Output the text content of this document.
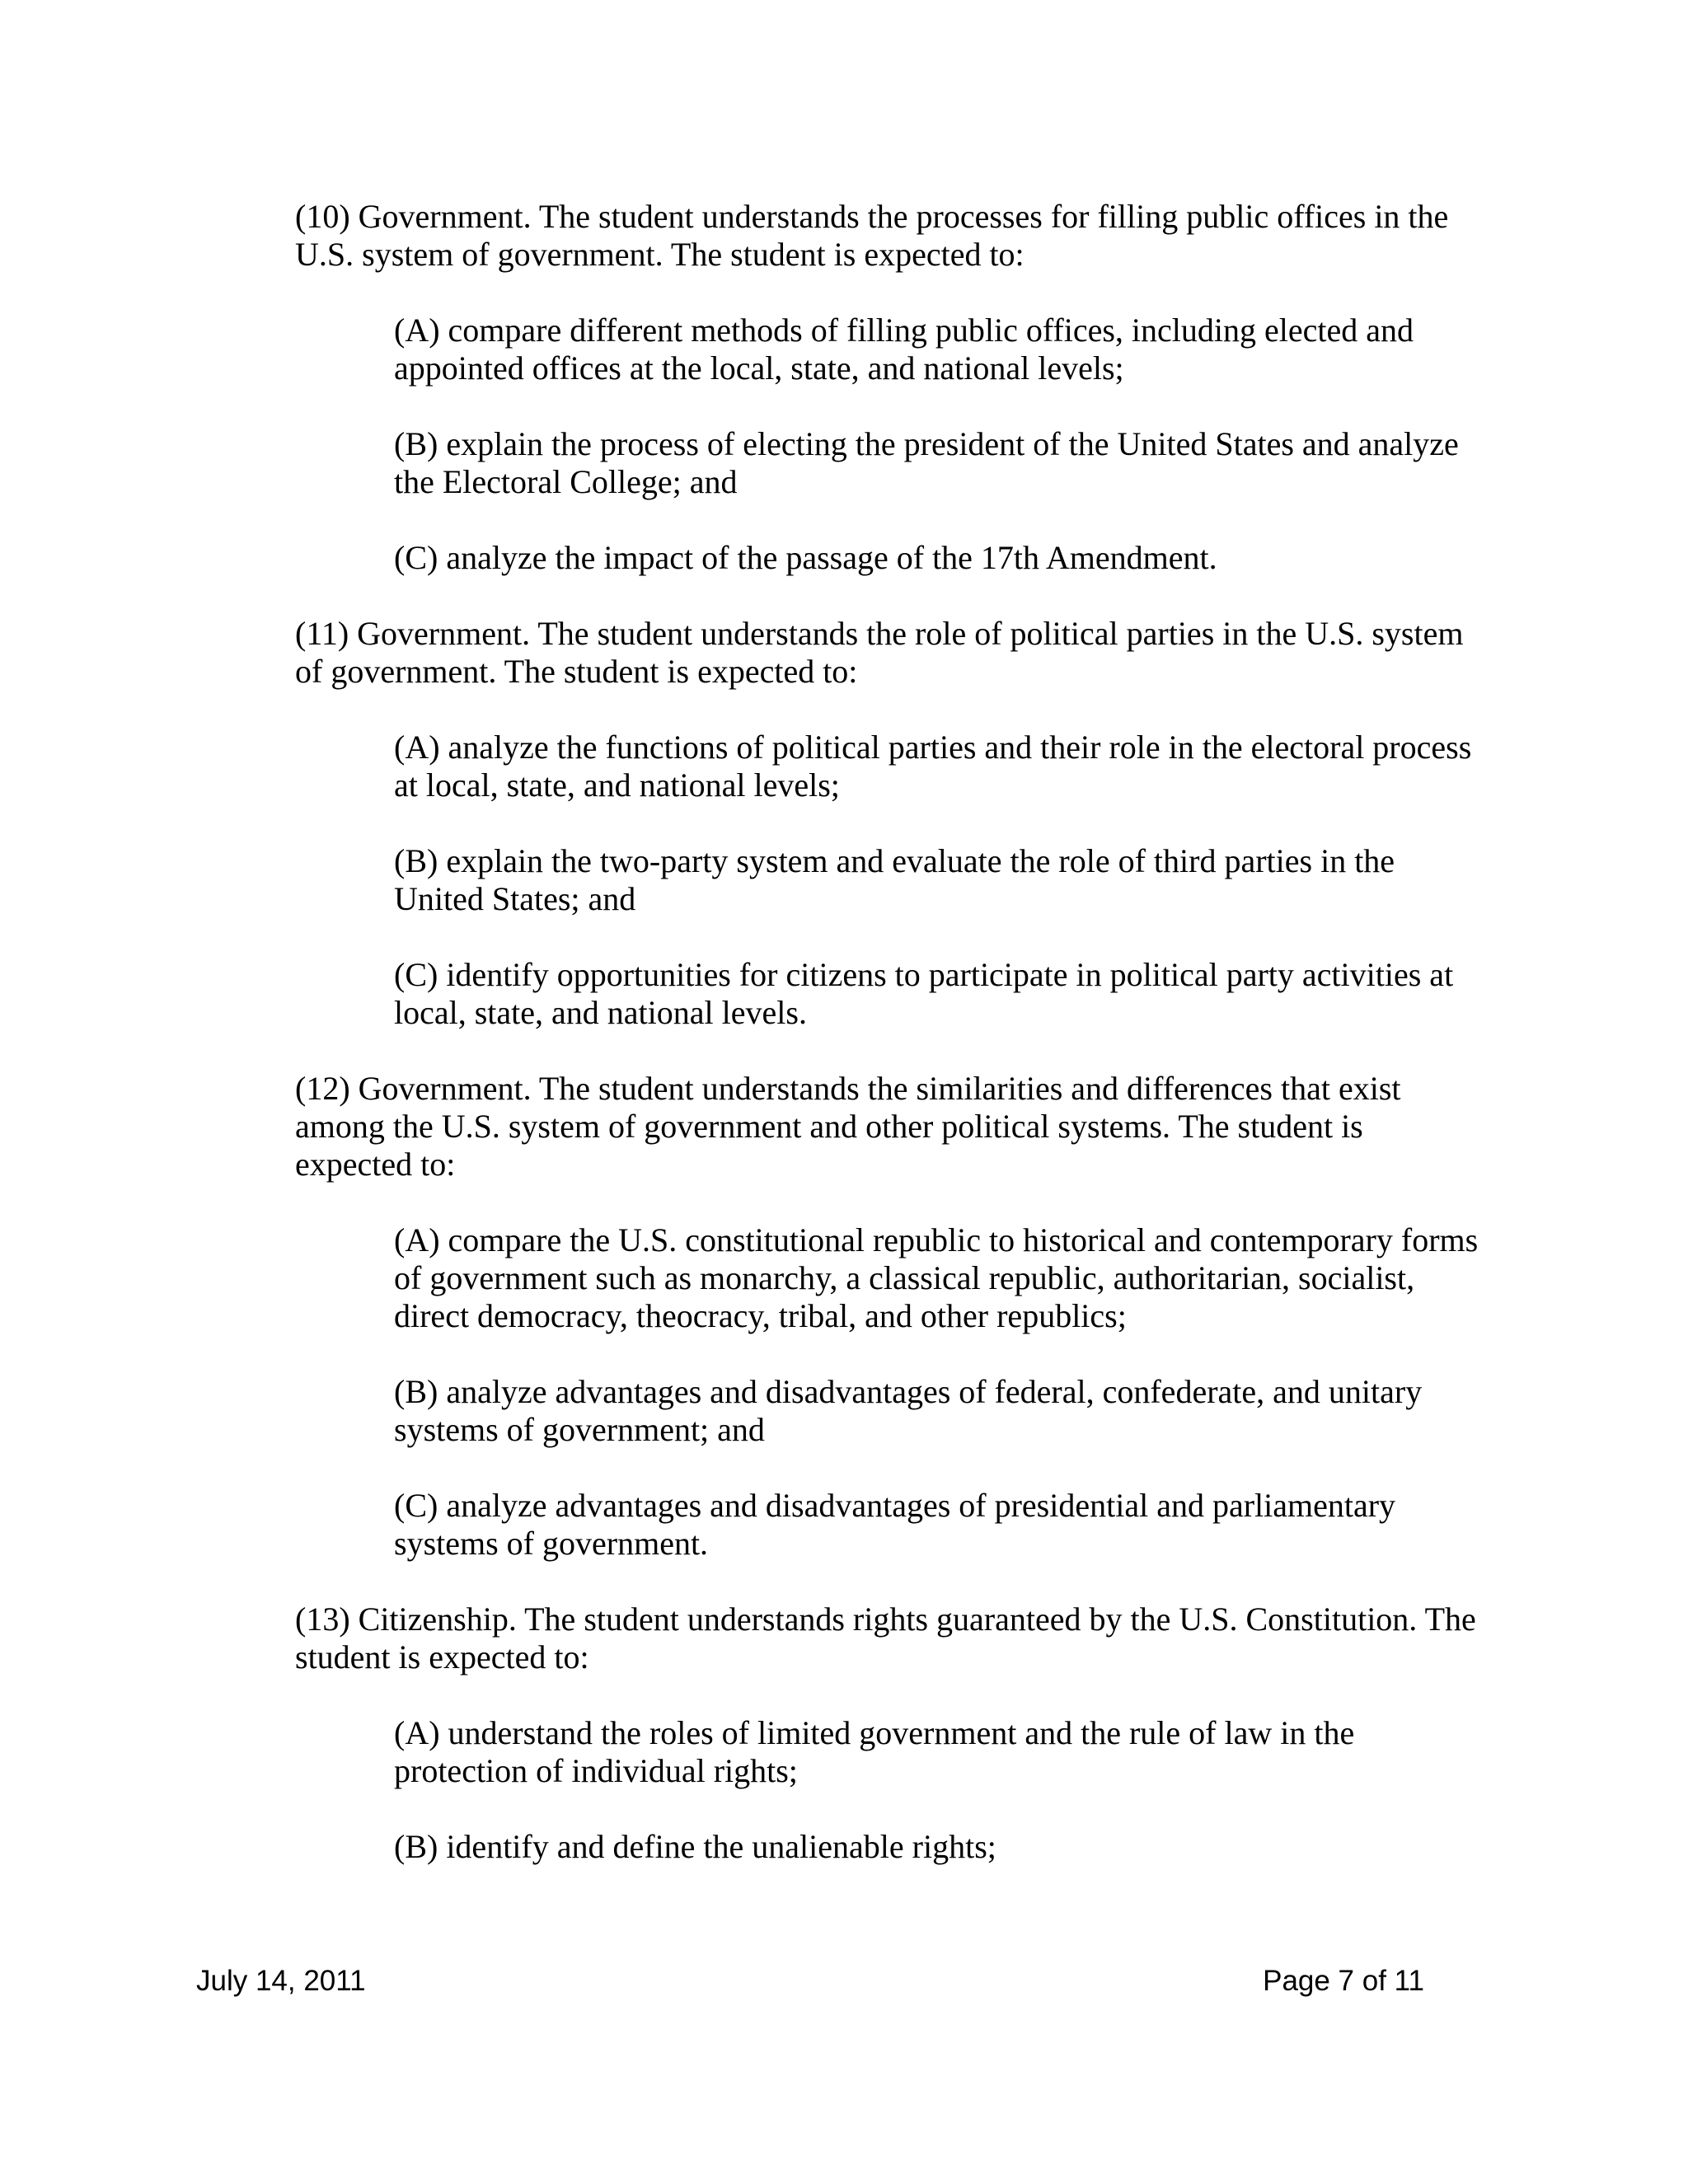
(10) Government. The student understands the processes for filling public offices in the U.S. system of government. The student is expected to:

(A) compare different methods of filling public offices, including elected and appointed offices at the local, state, and national levels;

(B) explain the process of electing the president of the United States and analyze the Electoral College; and

(C) analyze the impact of the passage of the 17th Amendment.

(11) Government. The student understands the role of political parties in the U.S. system of government. The student is expected to:

(A) analyze the functions of political parties and their role in the electoral process at local, state, and national levels;

(B) explain the two-party system and evaluate the role of third parties in the United States; and

(C) identify opportunities for citizens to participate in political party activities at local, state, and national levels.

(12) Government. The student understands the similarities and differences that exist among the U.S. system of government and other political systems. The student is expected to:

(A) compare the U.S. constitutional republic to historical and contemporary forms of government such as monarchy, a classical republic, authoritarian, socialist, direct democracy, theocracy, tribal, and other republics;

(B) analyze advantages and disadvantages of federal, confederate, and unitary systems of government; and

(C) analyze advantages and disadvantages of presidential and parliamentary systems of government.

(13) Citizenship. The student understands rights guaranteed by the U.S. Constitution. The student is expected to:

(A) understand the roles of limited government and the rule of law in the protection of individual rights;

(B) identify and define the unalienable rights;

July 14, 2011	Page 7 of 11
